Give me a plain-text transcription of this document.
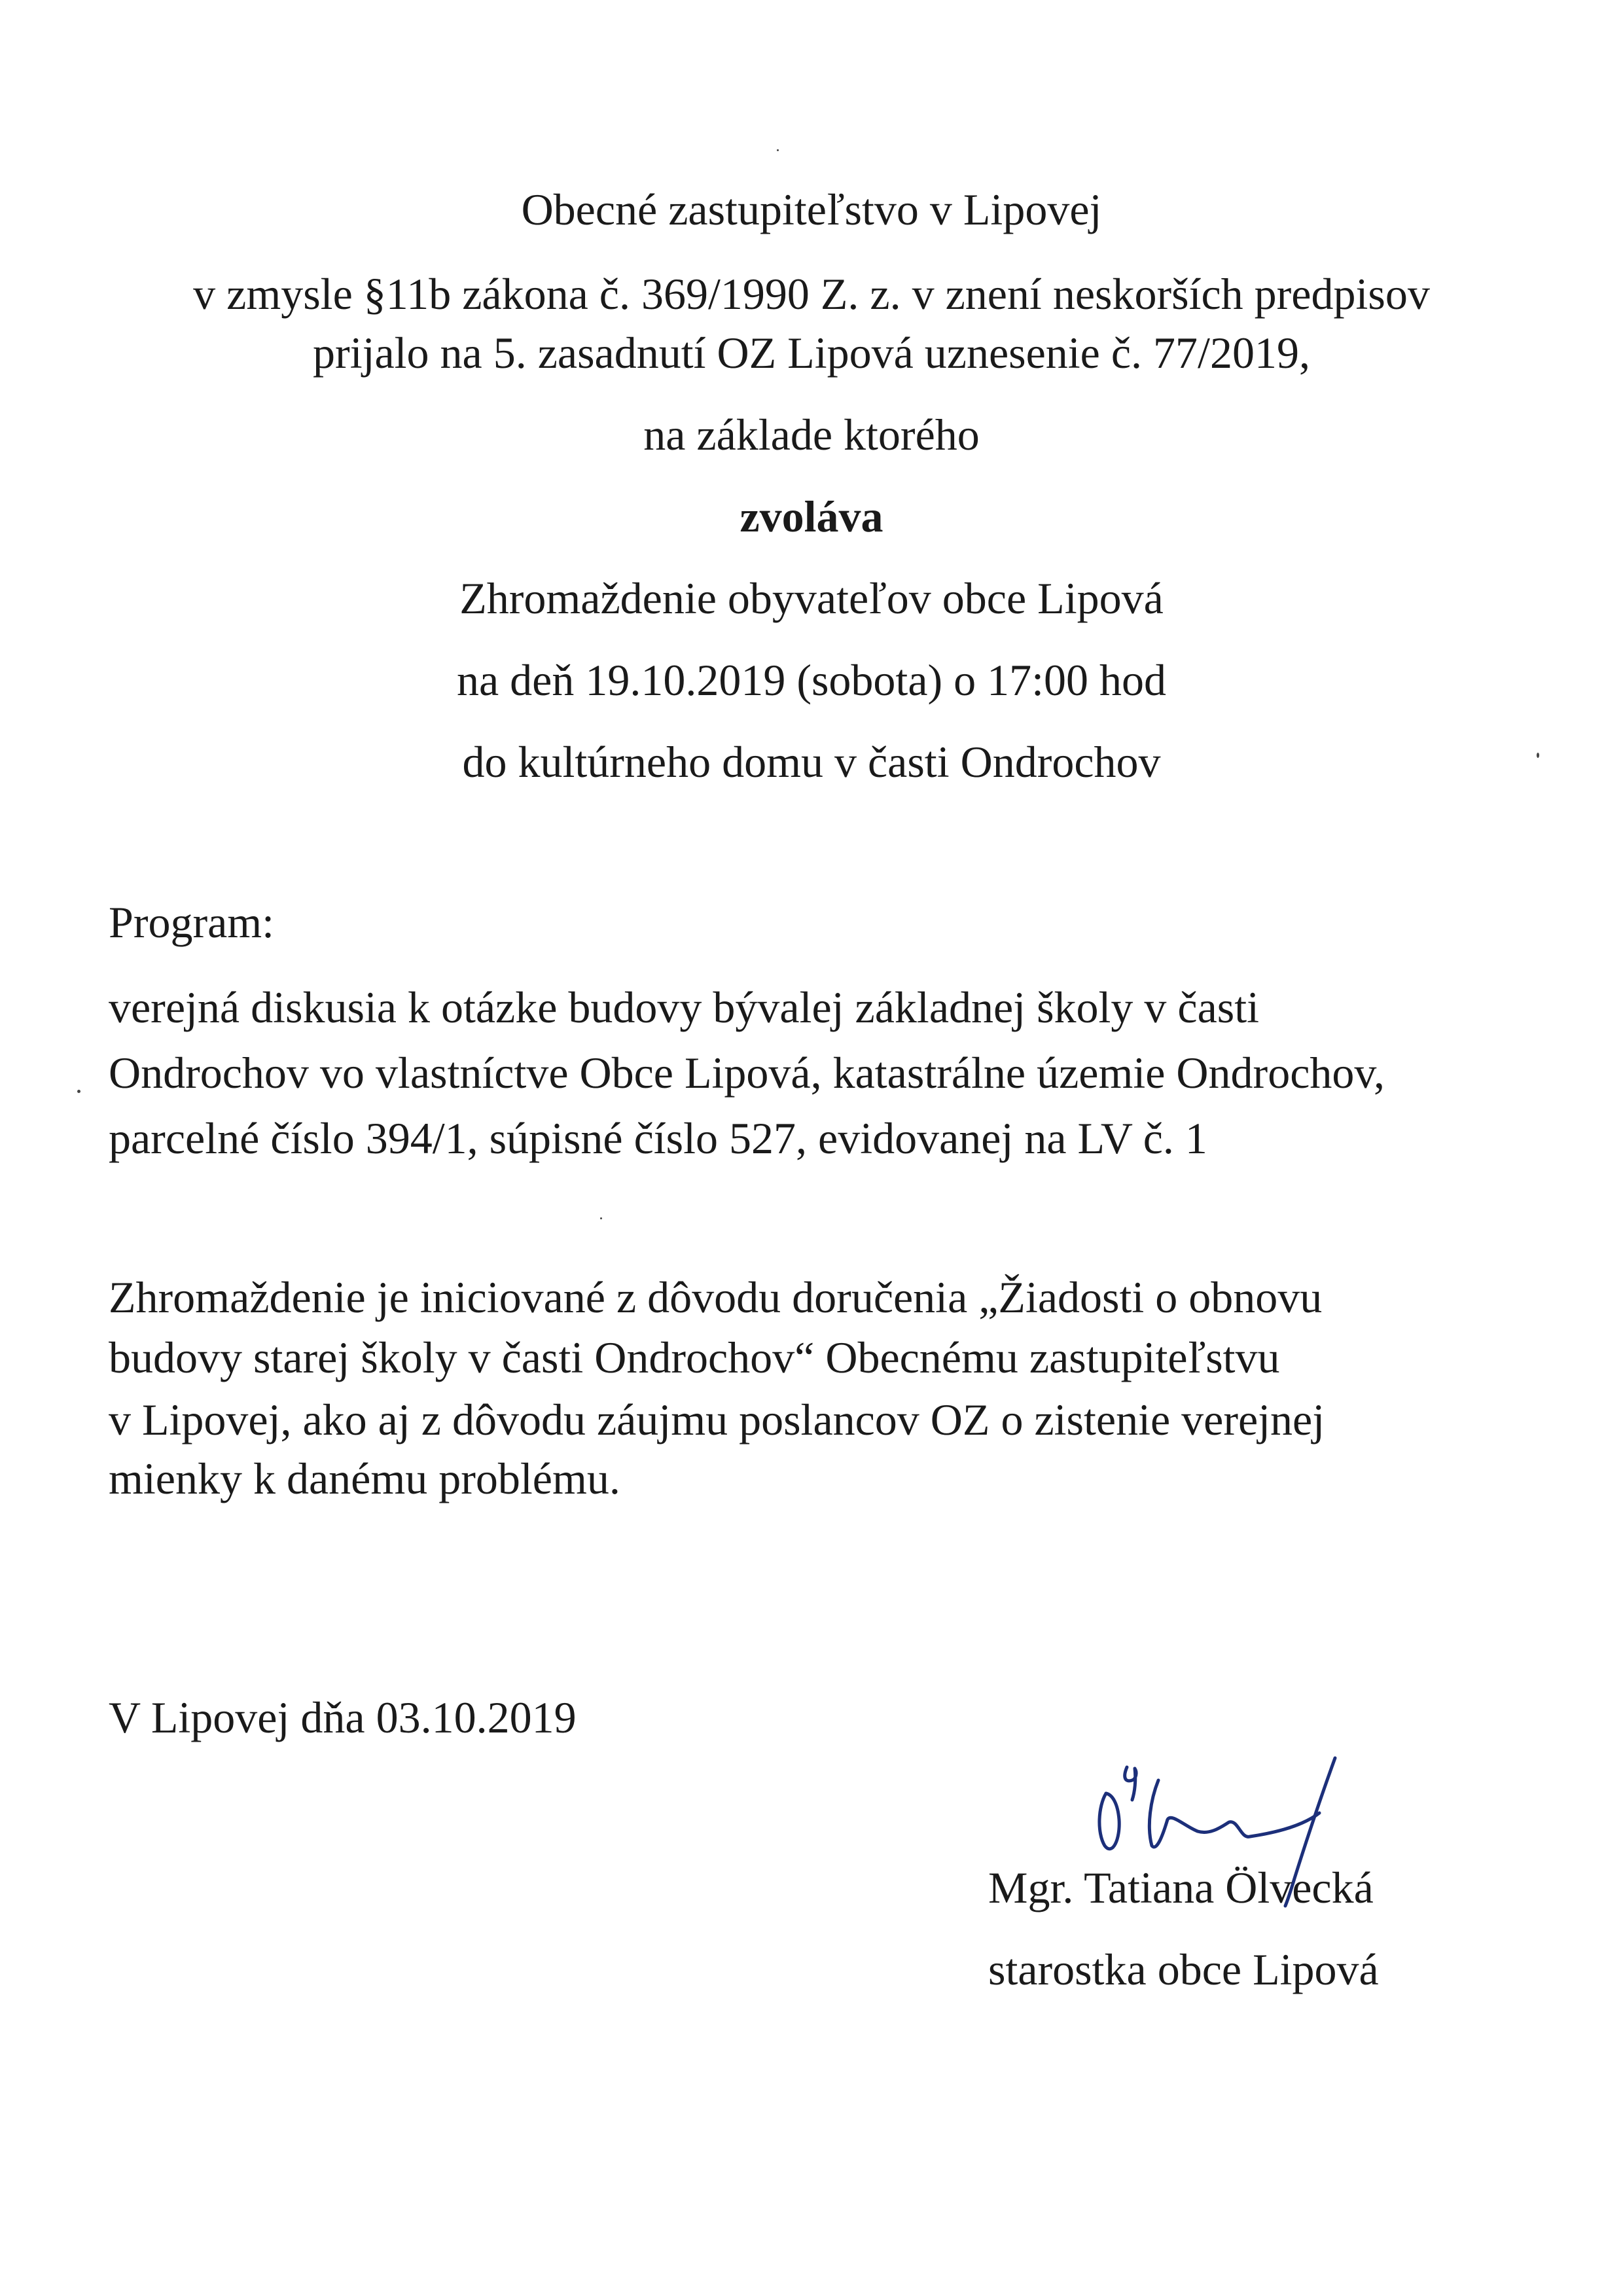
Obecné zastupiteľstvo v Lipovej
v zmysle §11b zákona č. 369/1990 Z. z. v znení neskorších predpisov
prijalo na 5. zasadnutí OZ Lipová uznesenie č. 77/2019,
na základe ktorého
zvoláva
Zhromaždenie obyvateľov obce Lipová
na deň 19.10.2019 (sobota) o 17:00 hod
do kultúrneho domu v časti Ondrochov
Program:
verejná diskusia k otázke budovy bývalej základnej školy v časti
Ondrochov vo vlastníctve Obce Lipová, katastrálne územie Ondrochov,
parcelné číslo 394/1, súpisné číslo 527, evidovanej na LV č. 1
Zhromaždenie je iniciované z dôvodu doručenia „Žiadosti o obnovu
budovy starej školy v časti Ondrochov“ Obecnému zastupiteľstvu
v Lipovej, ako aj z dôvodu záujmu poslancov OZ o zistenie verejnej
mienky k danému problému.
V Lipovej dňa 03.10.2019
Mgr. Tatiana Ölvecká
starostka obce Lipová
